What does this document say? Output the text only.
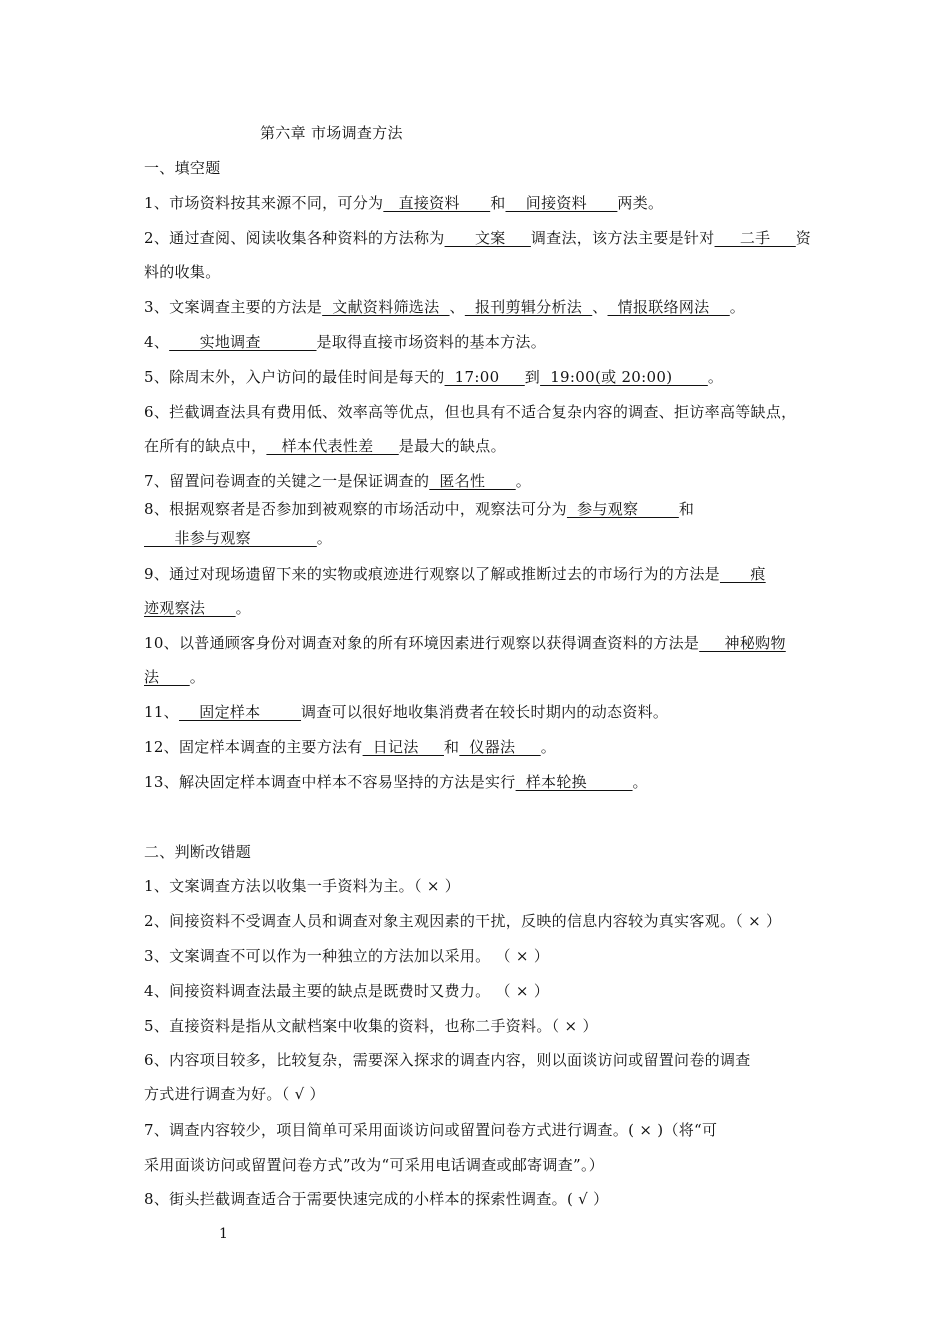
第六章 市场调查方法
一、填空题
1、市场资料按其来源不同，可分为   直接资料      和    间接资料      两类。
2、通过查阅、阅读收集各种资料的方法称为      文案     调查法，该方法主要是针对     二手     资
料的收集。
3、文案调查主要的方法是  文献资料筛选法  、  报刊剪辑分析法  、  情报联络网法    。
4、      实地调查           是取得直接市场资料的基本方法。
5、除周末外，入户访问的最佳时间是每天的  17:00     到  19:00(或 20:00)       。
6、拦截调查法具有费用低、效率高等优点，但也具有不适合复杂内容的调查、拒访率高等缺点，
在所有的缺点中，   样本代表性差     是最大的缺点。
7、留置问卷调查的关键之一是保证调查的  匿名性      。
8、根据观察者是否参加到被观察的市场活动中，观察法可分为  参与观察        和
非参与观察             。
9、通过对现场遗留下来的实物或痕迹进行观察以了解或推断过去的市场行为的方法是      痕
迹观察法      。
10、以普通顾客身份对调查对象的所有环境因素进行观察以获得调查资料的方法是     神秘购物
法      。
11、    固定样本        调查可以很好地收集消费者在较长时期内的动态资料。
12、固定样本调查的主要方法有  日记法     和  仪器法     。
13、解决固定样本调查中样本不容易坚持的方法是实行  样本轮换         。
二、判断改错题
1、文案调查方法以收集一手资料为主。（ × ）
2、间接资料不受调查人员和调查对象主观因素的干扰，反映的信息内容较为真实客观。（ × ）
3、文案调查不可以作为一种独立的方法加以采用。 （ × ）
4、间接资料调查法最主要的缺点是既费时又费力。 （ × ）
5、直接资料是指从文献档案中收集的资料，也称二手资料。（ × ）
6、内容项目较多，比较复杂，需要深入探求的调查内容，则以面谈访问或留置问卷的调查
方式进行调查为好。（ √ ）
7、调查内容较少，项目简单可采用面谈访问或留置问卷方式进行调查。( × )（将“可
采用面谈访问或留置问卷方式”改为“可采用电话调查或邮寄调查”。）
8、街头拦截调查适合于需要快速完成的小样本的探索性调查。( √ ）
1
